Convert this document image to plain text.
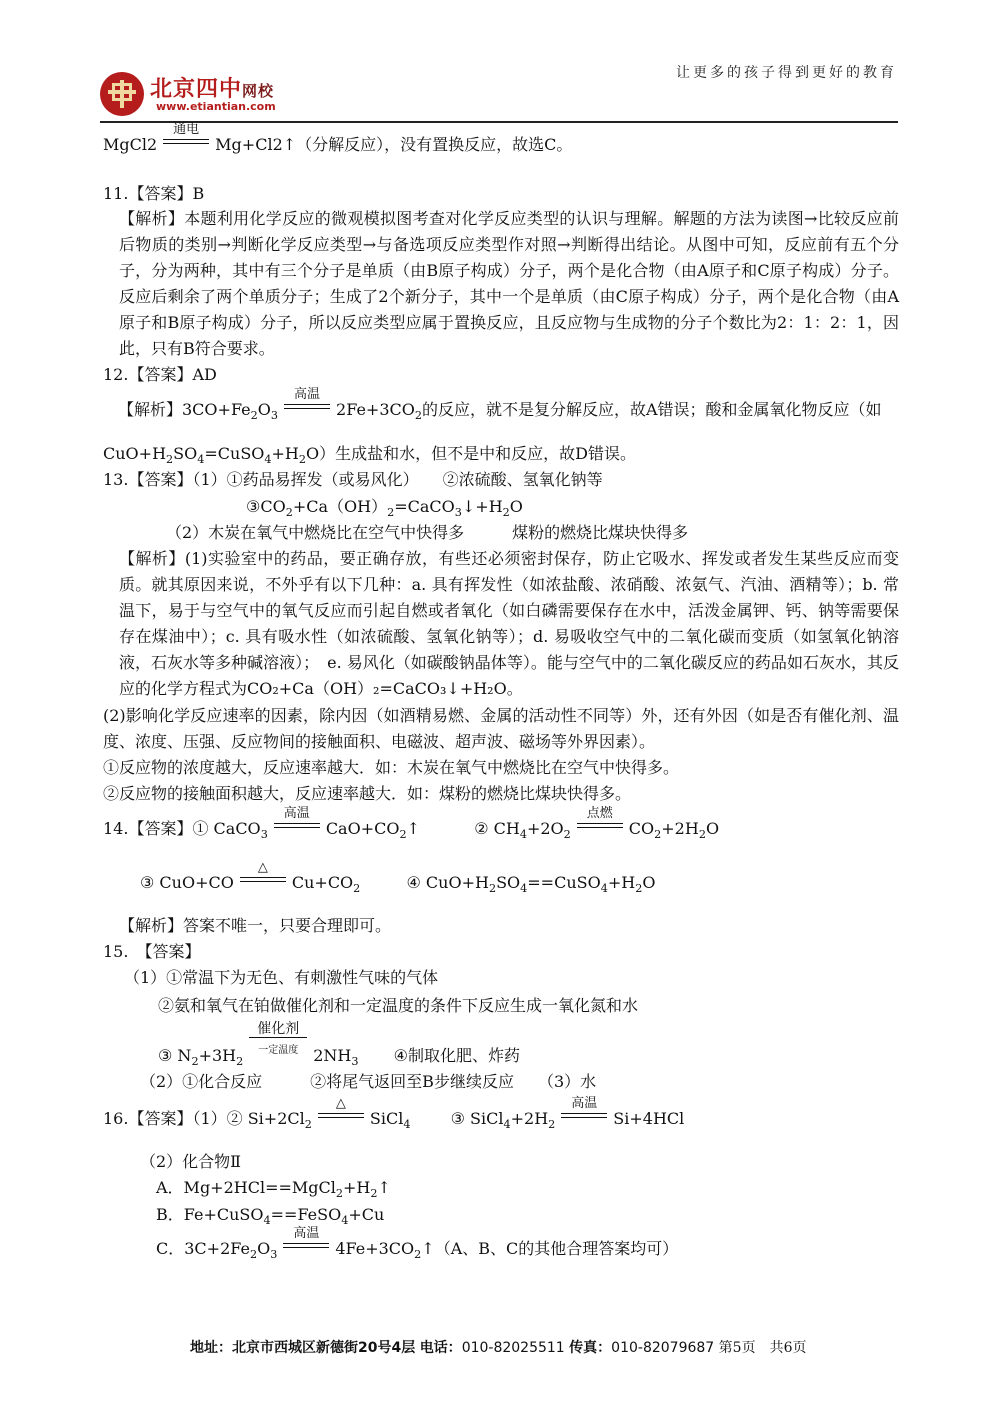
北京四中网校
www.etiantian.com
让更多的孩子得到更好的教育
MgCl2
通电
Mg+Cl2↑（分解反应），没有置换反应，故选C。
11.【答案】B
【解析】本题利用化学反应的微观模拟图考查对化学反应类型的认识与理解。解题的方法为读图→比较反应前后物质的类别→判断化学反应类型→与备选项反应类型作对照→判断得出结论。从图中可知，反应前有五个分子，分为两种，其中有三个分子是单质（由B原子构成）分子，两个是化合物（由A原子和C原子构成）分子。反应后剩余了两个单质分子；生成了2个新分子，其中一个是单质（由C原子构成）分子，两个是化合物（由A原子和B原子构成）分子，所以反应类型应属于置换反应，且反应物与生成物的分子个数比为2：1：2：1，因此，只有B符合要求。
12.【答案】AD
【解析】$3CO+Fe_2O_3$
高温
$2Fe+3CO_2$的反应，就不是复分解反应，故A错误；酸和金属氧化物反应（如
$CuO+H_2SO_4=CuSO_4+H_2O$）生成盐和水，但不是中和反应，故D错误。
13.【答案】（1）①药品易挥发（或易风化）　　②浓硫酸、氢氧化钠等
$③CO_2+Ca(OH)_2=CaCO_3↓+H_2O$
（2）木炭在氧气中燃烧比在空气中快得多　　　煤粉的燃烧比煤块快得多
【解析】(1)实验室中的药品，要正确存放，有些还必须密封保存，防止它吸水、挥发或者发生某些反应而变质。就其原因来说，不外乎有以下几种：a. 具有挥发性（如浓盐酸、浓硝酸、浓氨气、汽油、酒精等）；b. 常温下，易于与空气中的氧气反应而引起自燃或者氧化（如白磷需要保存在水中，活泼金属钾、钙、钠等需要保存在煤油中）；c. 具有吸水性（如浓硫酸、氢氧化钠等）；d. 易吸收空气中的二氧化碳而变质（如氢氧化钠溶液，石灰水等多种碱溶液）；　e. 易风化（如碳酸钠晶体等）。能与空气中的二氧化碳反应的药品如石灰水，其反应的化学方程式为CO₂+Ca（OH）₂=CaCO₃↓+H₂O。
(2)影响化学反应速率的因素，除内因（如酒精易燃、金属的活动性不同等）外，还有外因（如是否有催化剂、温度、浓度、压强、反应物间的接触面积、电磁波、超声波、磁场等外界因素）。
①反应物的浓度越大，反应速率越大．如：木炭在氧气中燃烧比在空气中快得多。
②反应物的接触面积越大，反应速率越大．如：煤粉的燃烧比煤块快得多。
14.【答案】① CaCO$_3$
高温
$CaO+CO_2↑$	② $CH_4+2O_2$
点燃
$CO_2+2H_2O$
③ CuO+CO
△
$Cu+CO_2$	④ $CuO+H_2SO_4==CuSO_4+H_2O$
【解析】答案不唯一，只要合理即可。
15.　【答案】
（1）①常温下为无色、有刺激性气味的气体
②氨和氧气在铂做催化剂和一定温度的条件下反应生成一氧化氮和水
③ $N_2+3H_2$
催化剂
一定温度 $2NH_3$ ④制取化肥、炸药
（2）①化合反应　　　②将尾气返回至B步继续反应　　（3）水
16.【答案】（1）② $Si+2Cl_2$
△
SiCl$_4$	③ $SiCl_4+2H_2$
高温
Si+4HCl
（2）化合物Ⅱ
A．$Mg+2HCl==MgCl_2+H_2↑$
B．Fe+CuSO$_4$==FeSO$_4$+Cu
C．$3C+2Fe_2O_3$
高温
$4Fe+3CO_2↑(A$、B、C的其他合理答案均可）
地址：北京市西城区新德街20号4层 电话：010-82025511 传真：010-82079687 第5页　共6页
